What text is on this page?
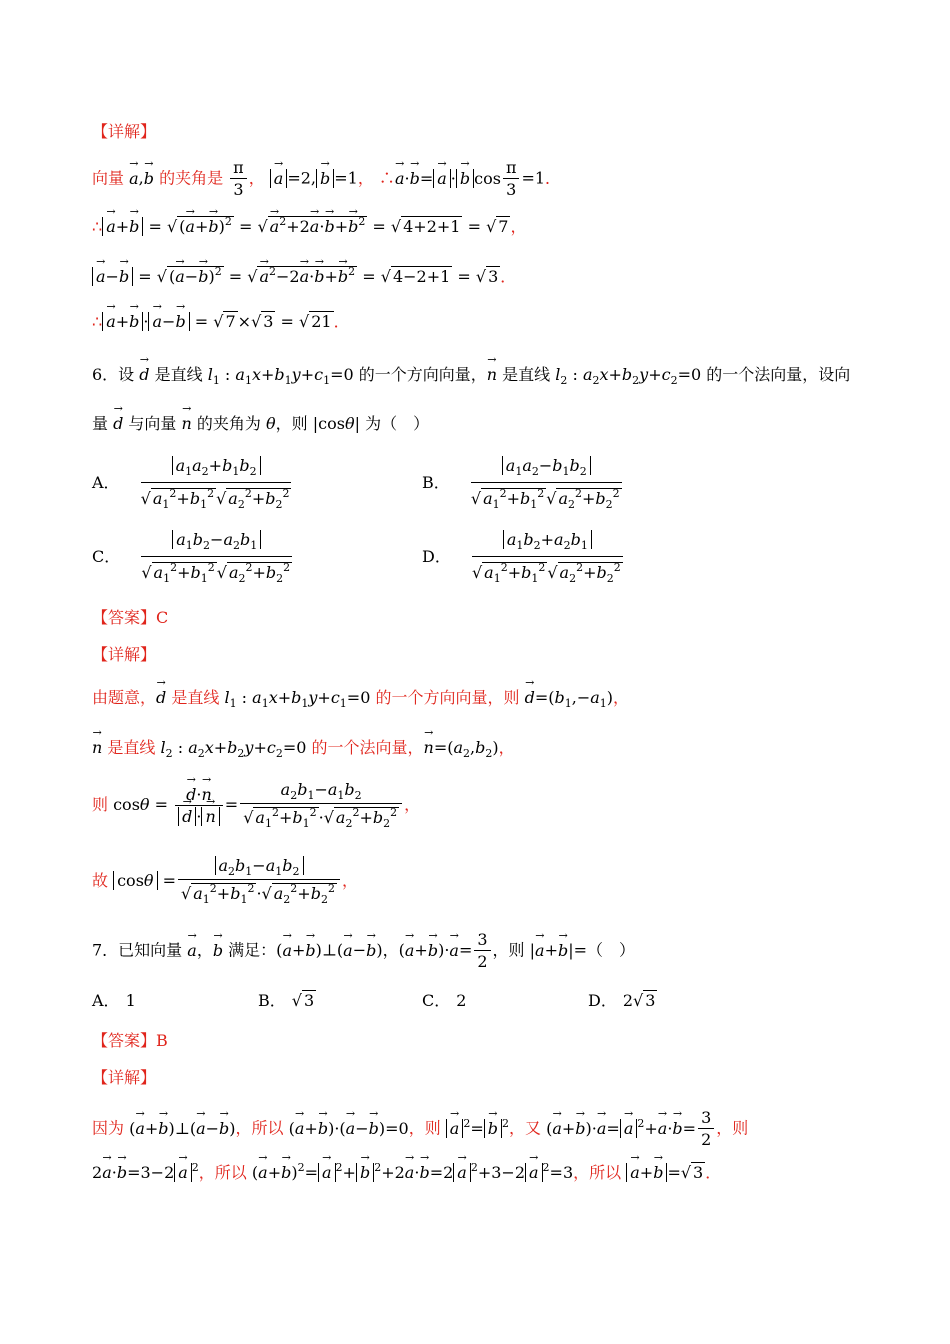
【详解】
向量 → a,→ b 的夹角是 $\frac{\pi}{3}$ ， → a =2,→ b =1， ∴→ a·→ b=→ a ·→ b $\cos \frac{\pi}{3} =1$．
∴→ a+→ b = √ (→ a+→ b)$^2$ = √ → $a^2+2\to a\cdot\to b+\to b^2$ = √ 4+2+1 = √ 7 ，
→ a−→ b = √ (→ a−→ b)$^2$ = √ → $a^2-2\to a\cdot\to b+\to b^2$ = √ 4−2+1 = √ 3 ．
∴→ a+→ b ·→ a−→ b = √ 7 ×√ 3 = √ 21 ．
6．设 → d 是直线 $l_1$ : $a_1x+b_1y+c_1=0$ 的一个方向向量，→ n 是直线 $l_2$ : $a_2x+b_2y+c_2=0$ 的一个法向量，设向
量 → d 与向量 → n 的夹角为 θ，则 |cosθ| 为（　）
A． $a_1a_2+b_1b_2$
√ $a_1^2+b_1^2√$ $a_2^2+b_2^2$	B． $a_1a_2-b_1b_2$
√ $a_1^2+b_1^2√$ $a_2^2+b_2^2$
C． $a_1b_2-a_2b_1$
√ $a_1^2+b_1^2√$ $a_2^2+b_2^2$	D． $a_1b_2+a_2b_1$
√ $a_1^2+b_1^2√$ $a_2^2+b_2^2$
【答案】C
【详解】
由题意，→ d 是直线 $l_1$ : $a_1x+b_1y+c_1=0$ 的一个方向向量，则 → $d=(b_1,-a_1)$，
→ n 是直线 $l_2$ : $a_2x+b_2y+c_2=0$ 的一个法向量，→ $n=(a_2,b_2)$，
则 cosθ =
→ d·→ n
→ $d \cdot\to n = a_2b_1-a_1b_2$
√ $a_1^2+b_1^2$ ·√ $a_2^2+b_2^2$ ，
故 $\cos\theta = a_2b_1-a_1b_2$
√ $a_1^2+b_1^2$ ·√ $a_2^2+b_2^2$ ，
7．已知向量 → a，→ b 满足：(→ a+→ b)⊥(→ a−→ b)，(→ $a+\to b)\cdot\to a= \frac{3}{2}$ ，则 |→ a+→ b|=（　）
A． 1	B．√ 3	C． 2	D． 2√ 3
【答案】B
【详解】
因为 (→ a+→ b)⊥(→ a−→ b)，所以 (→ a+→ b)·(→ a−→ b)=0，则 → a $^2$=→ b $^2$，又 (→ a+→ b)·→ a=→ a $^2+\to a\cdot\to b= \frac{3}{2}$ ，则
2→ a·→ b=3−2→ a $^2$，所以 (→ a+→ b)$^2$=→ a $^2$+→ b $^2$+2→ a·→ b=2→ a $^2$+3−2→ a $^2$=3，所以 → a+→ b =√ 3 ．
